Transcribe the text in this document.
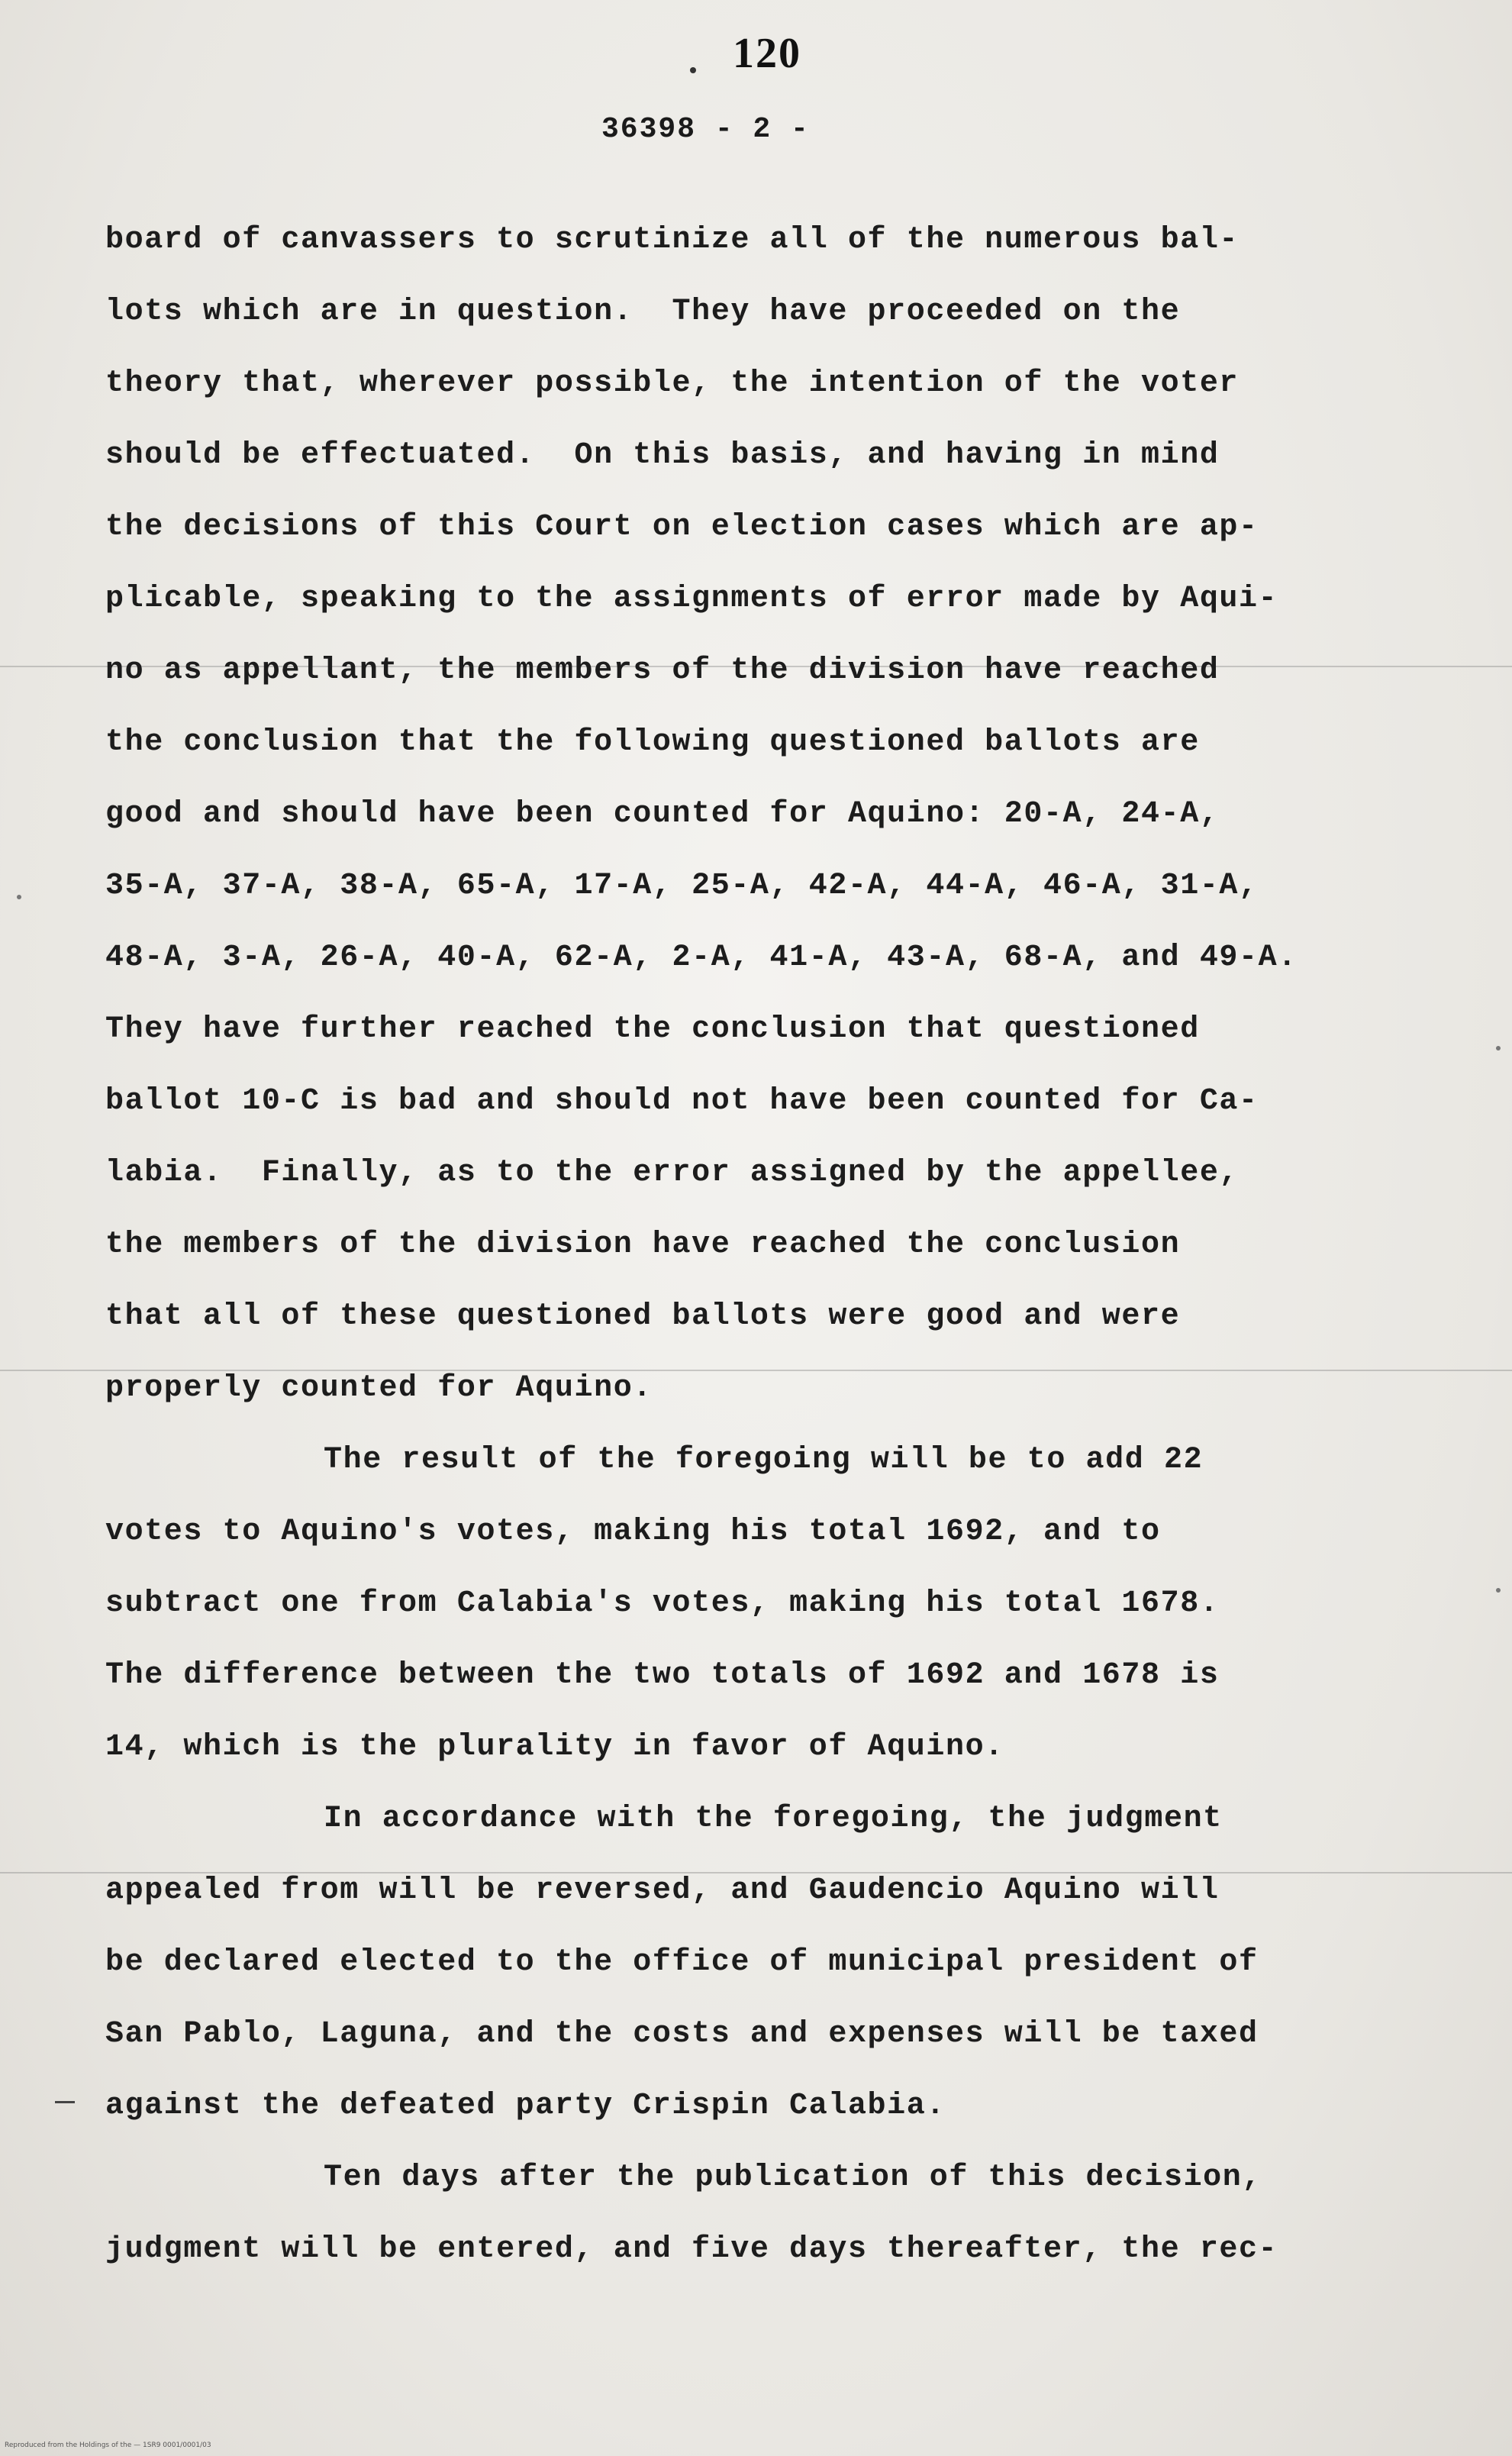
120
36398 - 2 -
board of canvassers to scrutinize all of the numerous bal-
lots which are in question.  They have proceeded on the
theory that, wherever possible, the intention of the voter
should be effectuated.  On this basis, and having in mind
the decisions of this Court on election cases which are ap-
plicable, speaking to the assignments of error made by Aqui-
no as appellant, the members of the division have reached
the conclusion that the following questioned ballots are
good and should have been counted for Aquino: 20-A, 24-A,
35-A, 37-A, 38-A, 65-A, 17-A, 25-A, 42-A, 44-A, 46-A, 31-A,
48-A, 3-A, 26-A, 40-A, 62-A, 2-A, 41-A, 43-A, 68-A, and 49-A.
They have further reached the conclusion that questioned
ballot 10-C is bad and should not have been counted for Ca-
labia.  Finally, as to the error assigned by the appellee,
the members of the division have reached the conclusion
that all of these questioned ballots were good and were
properly counted for Aquino.
The result of the foregoing will be to add 22
votes to Aquino's votes, making his total 1692, and to
subtract one from Calabia's votes, making his total 1678.
The difference between the two totals of 1692 and 1678 is
14, which is the plurality in favor of Aquino.
In accordance with the foregoing, the judgment
appealed from will be reversed, and Gaudencio Aquino will
be declared elected to the office of municipal president of
San Pablo, Laguna, and the costs and expenses will be taxed
against the defeated party Crispin Calabia.
Ten days after the publication of this decision,
judgment will be entered, and five days thereafter, the rec-
Reproduced from the Holdings of the — 1SR9 0001/0001/03
